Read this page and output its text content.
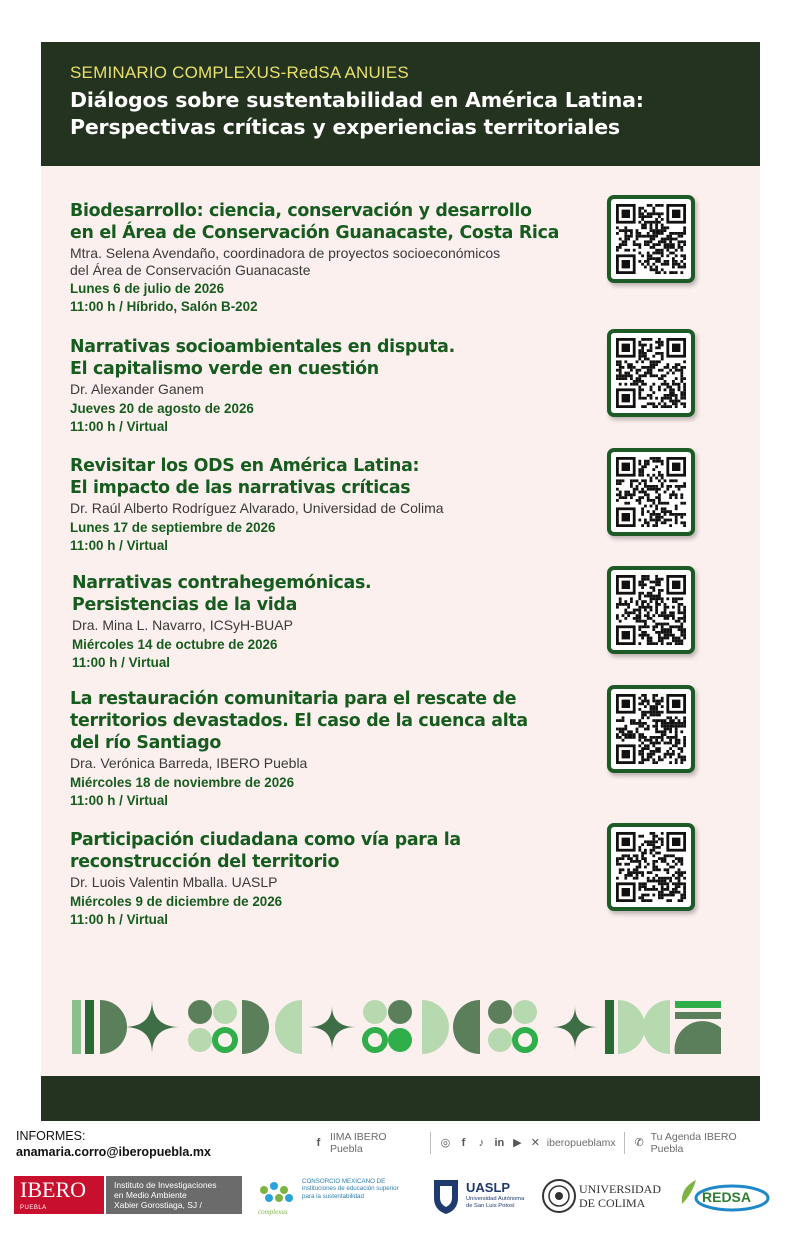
SEMINARIO COMPLEXUS-RedSA ANUIES
Diálogos sobre sustentabilidad en América Latina:
Perspectivas críticas y experiencias territoriales
Biodesarrollo: ciencia, conservación y desarrollo
en el Área de Conservación Guanacaste, Costa Rica
Mtra. Selena Avendaño, coordinadora de proyectos socioeconómicos
del Área de Conservación Guanacaste
Lunes 6 de julio de 2026
11:00 h / Híbrido, Salón B-202
Narrativas socioambientales en disputa.
El capitalismo verde en cuestión
Dr. Alexander Ganem
Jueves 20 de agosto de 2026
11:00 h / Virtual
Revisitar los ODS en América Latina:
El impacto de las narrativas críticas
Dr. Raúl Alberto Rodríguez Alvarado, Universidad de Colima
Lunes 17 de septiembre de 2026
11:00 h / Virtual
Narrativas contrahegemónicas.
Persistencias de la vida
Dra. Mina L. Navarro, ICSyH-BUAP
Miércoles 14 de octubre de 2026
11:00 h / Virtual
La restauración comunitaria para el rescate de
territorios devastados. El caso de la cuenca alta
del río Santiago
Dra. Verónica Barreda, IBERO Puebla
Miércoles 18 de noviembre de 2026
11:00 h / Virtual
Participación ciudadana como vía para la
reconstrucción del territorio
Dr. Luois Valentin Mballa. UASLP
Miércoles 9 de diciembre de 2026
11:00 h / Virtual
INFORMES:
anamaria.corro@iberopuebla.mx
f IIMA IBERO Puebla
◎	f	♪ in ▶ ✕ iberopueblamx ✆ Tu Agenda IBERO Puebla
IBERO
PUEBLA
Instituto de Investigaciones
en Medio Ambiente
Xabier Gorostiaga, SJ /
complexus
CONSORCIO MEXICANO DE
instituciones de educación superior
para la sustentabilidad
UASLP
Universidad Autónoma
de San Luis Potosí
UNIVERSIDAD
DE COLIMA	REDSA
